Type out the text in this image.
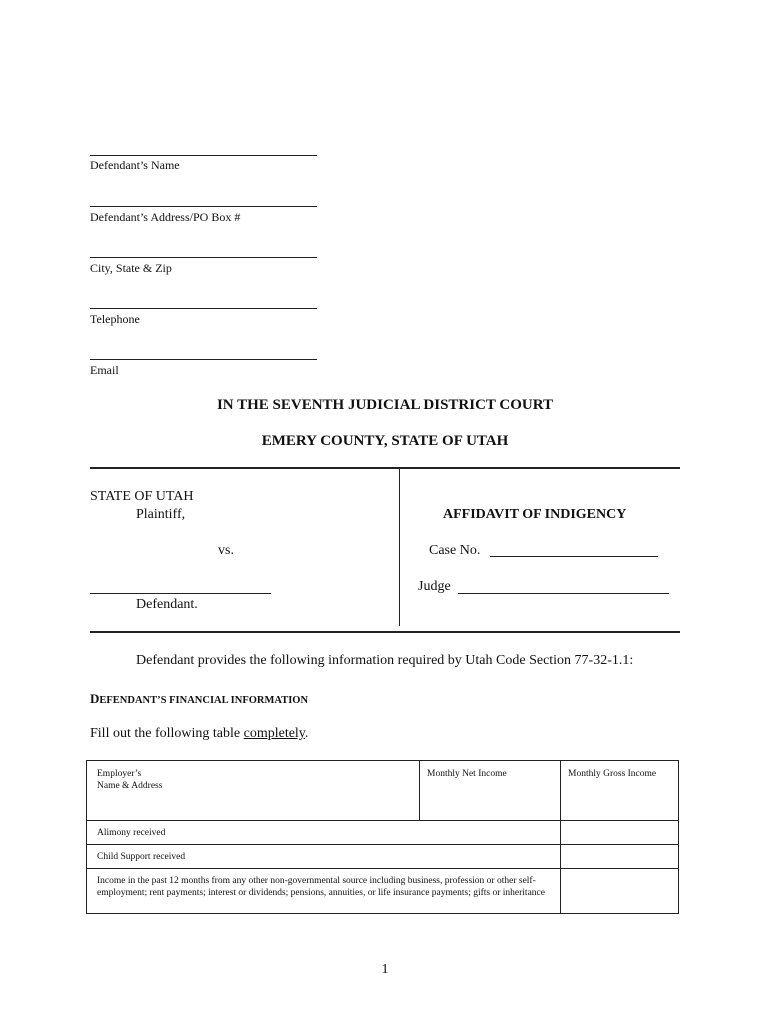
Defendant’s Name
Defendant’s Address/PO Box #
City, State & Zip
Telephone
Email
IN THE SEVENTH JUDICIAL DISTRICT COURT
EMERY COUNTY, STATE OF UTAH
STATE OF UTAH
Plaintiff,
vs.
Defendant.
AFFIDAVIT OF INDIGENCY
Case No.
Judge
Defendant provides the following information required by Utah Code Section 77-32-1.1:
DEFENDANT’S FINANCIAL INFORMATION
Fill out the following table completely.
Employer’s
Name & Address
Monthly Net Income	Monthly Gross Income
Alimony received
Child Support received
Income in the past 12 months from any other non-governmental source including business, profession or other self-employment; rent payments; interest or dividends; pensions, annuities, or life insurance payments; gifts or inheritance
1
